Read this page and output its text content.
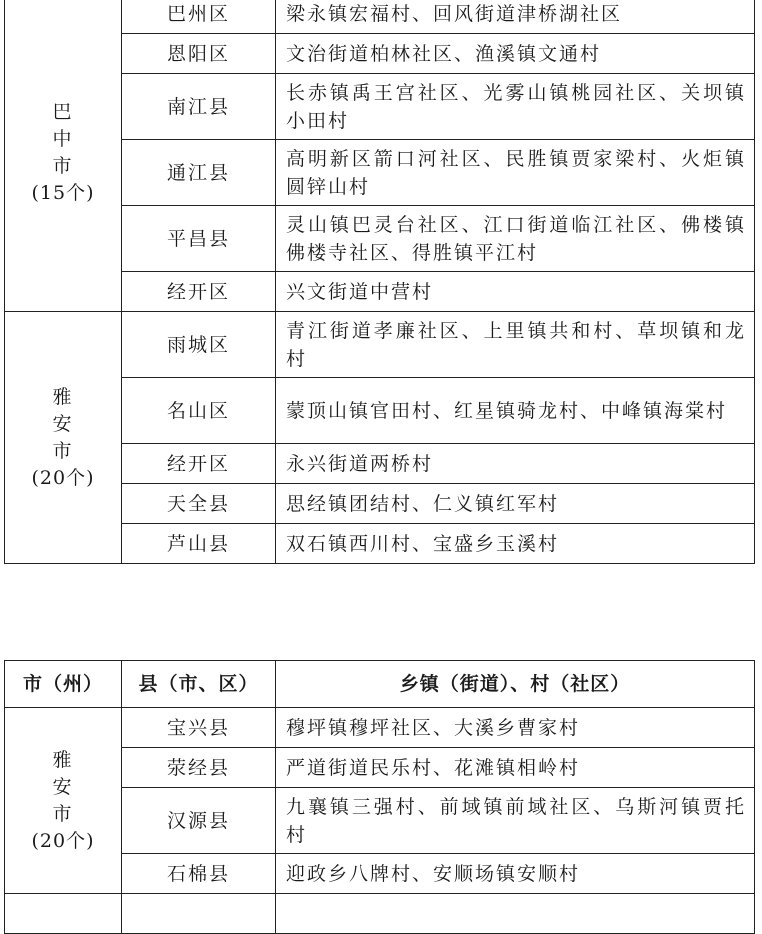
巴
中
市
(15个)	巴州区	梁永镇宏福村、回风街道津桥湖社区
	恩阳区	文治街道柏林社区、渔溪镇文通村
	南江县	长赤镇禹王宫社区、光雾山镇桃园社区、关坝镇小田村
	通江县	高明新区箭口河社区、民胜镇贾家梁村、火炬镇圆锌山村
	平昌县	灵山镇巴灵台社区、江口街道临江社区、佛楼镇佛楼寺社区、得胜镇平江村
	经开区	兴文街道中营村

雅
安
市
(20个)	雨城区	青江街道孝廉社区、上里镇共和村、草坝镇和龙村
	名山区	蒙顶山镇官田村、红星镇骑龙村、中峰镇海棠村
	经开区	永兴街道两桥村
	天全县	思经镇团结村、仁义镇红军村
	芦山县	双石镇西川村、宝盛乡玉溪村
市（州）	县（市、区）	乡镇（街道）、村（社区）

雅
安
市
(20个)	宝兴县	穆坪镇穆坪社区、大溪乡曹家村
	荥经县	严道街道民乐村、花滩镇相岭村
	汉源县	九襄镇三强村、前域镇前域社区、乌斯河镇贾托村
	石棉县	迎政乡八牌村、安顺场镇安顺村
